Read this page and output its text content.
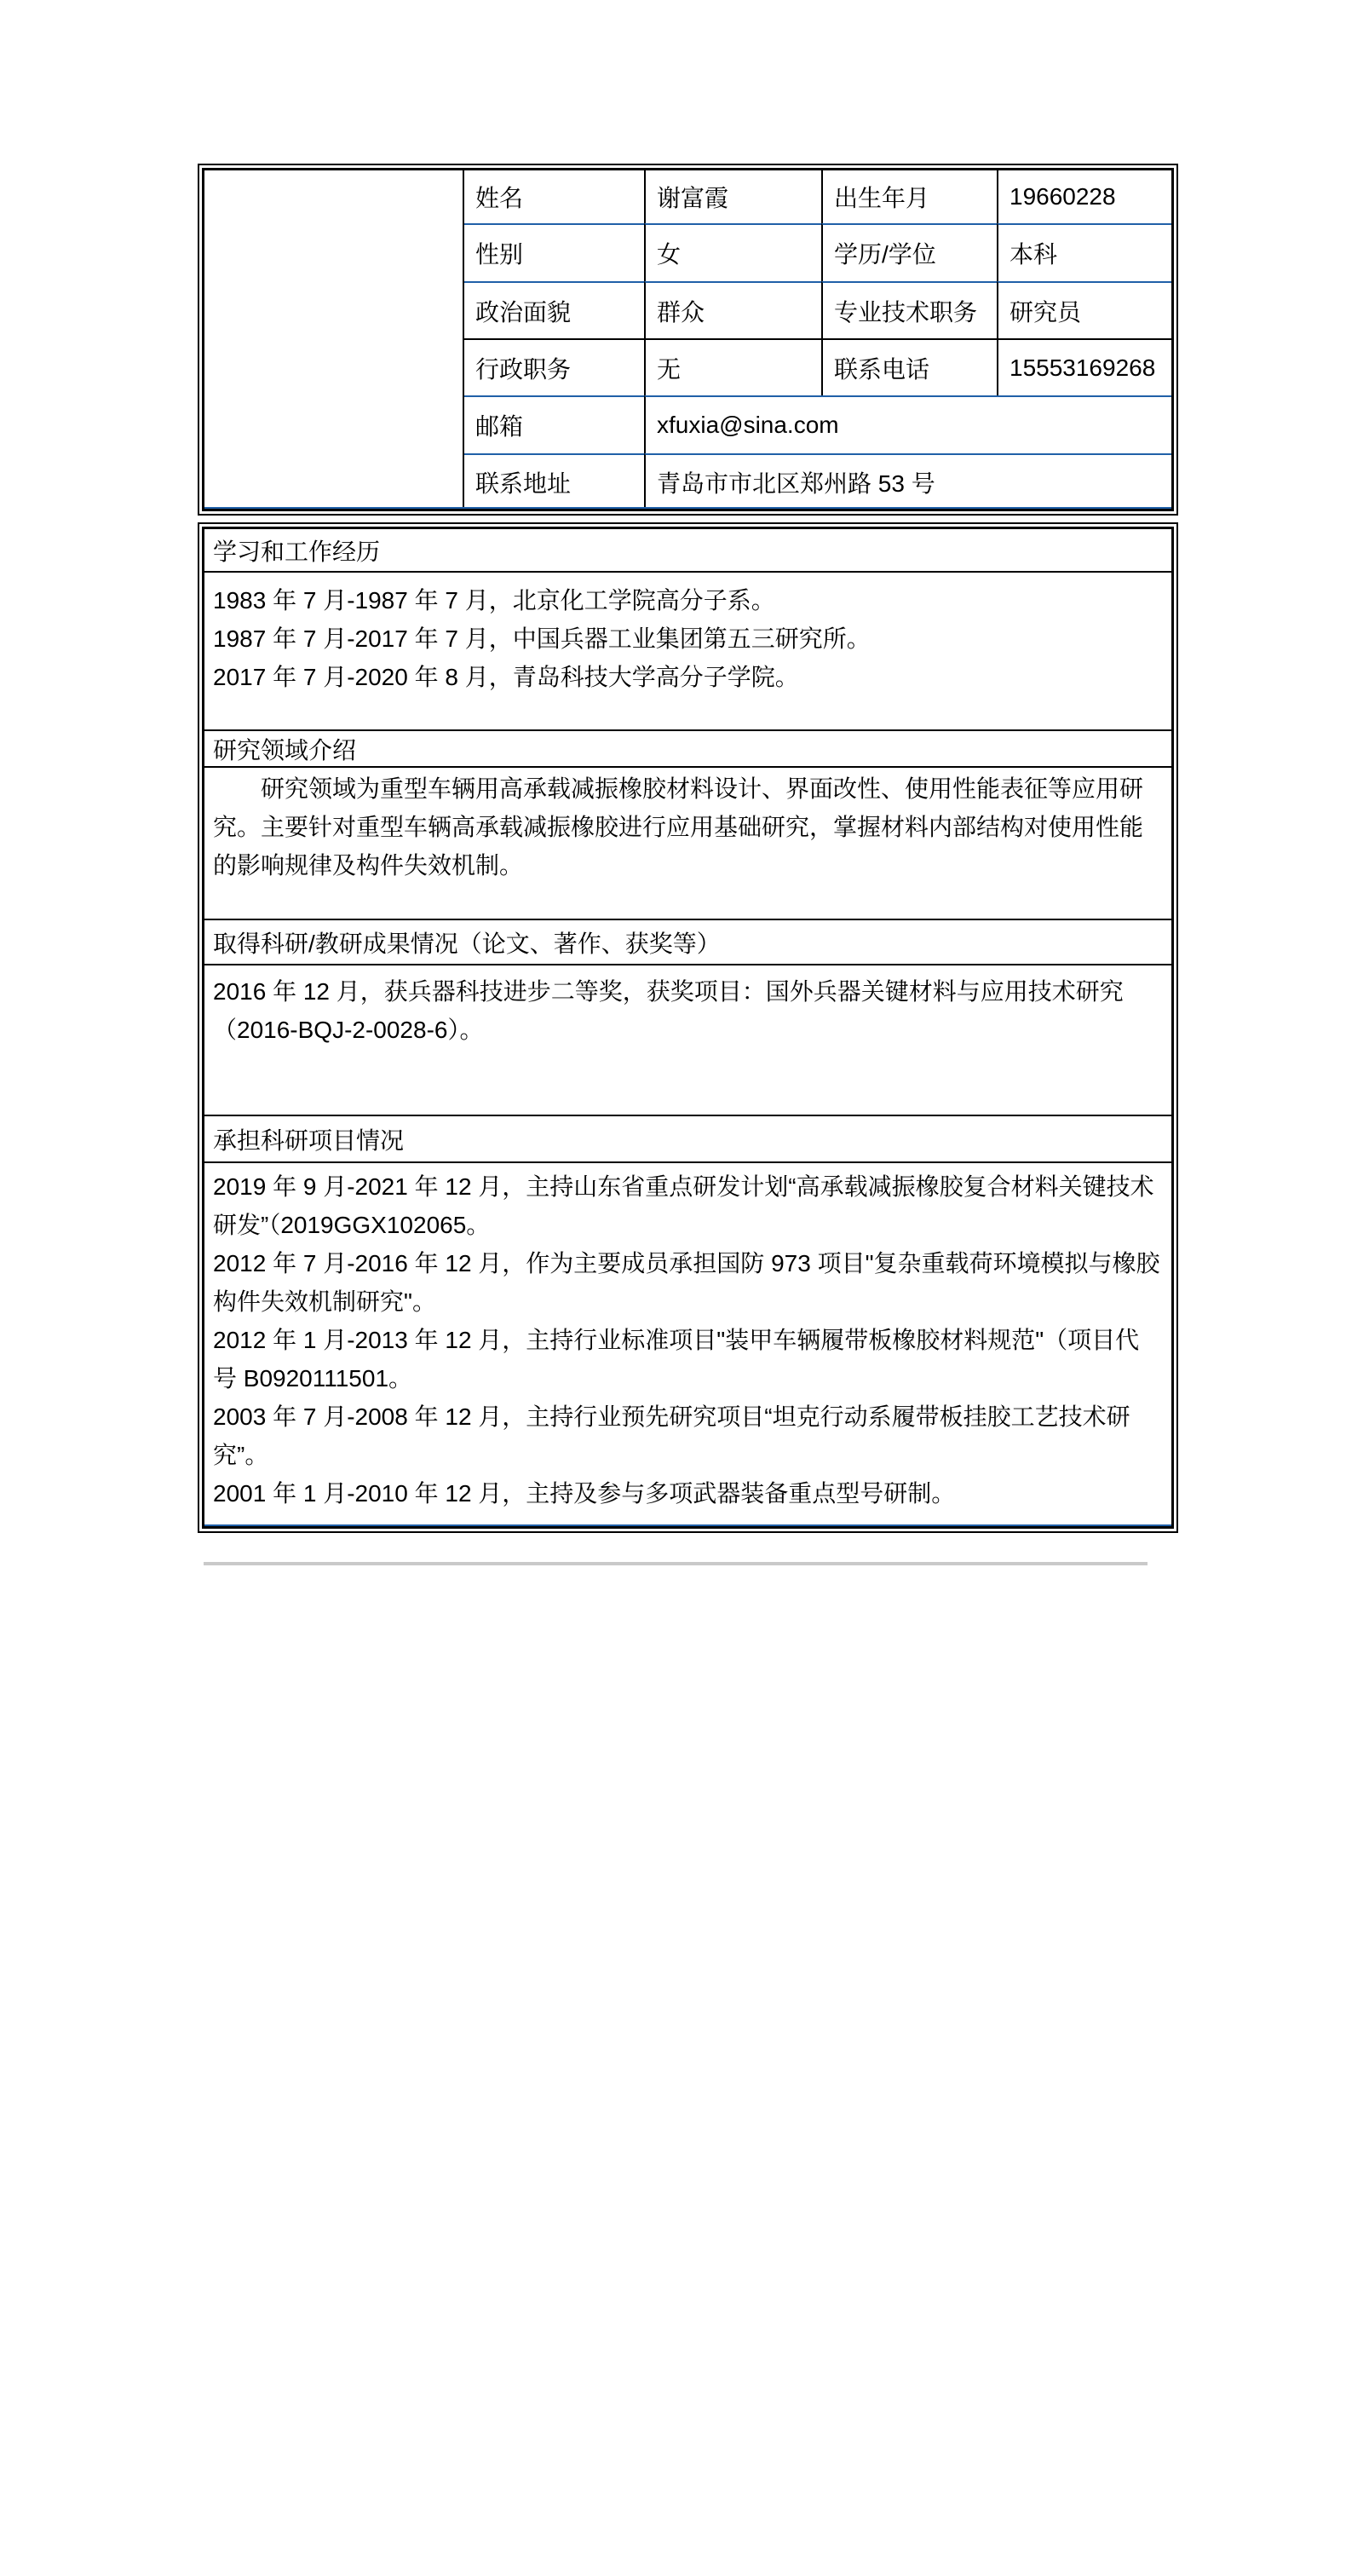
姓名	谢富霞	出生年月	19660228
性别	女	学历/学位	本科
政治面貌	群众	专业技术职务	研究员
行政职务	无	联系电话	15553169268
邮箱	xfuxia@sina.com
联系地址	青岛市市北区郑州路 53 号
学习和工作经历

1983 年 7 月-1987 年 7 月，北京化工学院高分子系。

1987 年 7 月-2017 年 7 月，中国兵器工业集团第五三研究所。

2017 年 7 月-2020 年 8 月，青岛科技大学高分子学院。

研究领域介绍

研究领域为重型车辆用高承载减振橡胶材料设计、界面改性、使用性能表征等应用研究。主要针对重型车辆高承载减振橡胶进行应用基础研究，掌握材料内部结构对使用性能的影响规律及构件失效机制。

取得科研/教研成果情况（论文、著作、获奖等）

2016 年 12 月，获兵器科技进步二等奖，获奖项目：国外兵器关键材料与应用技术研究（2016-BQJ-2-0028-6）。

承担科研项目情况

2019 年 9 月-2021 年 12 月，主持山东省重点研发计划“高承载减振橡胶复合材料关键技术研发”（2019GGX102065。

2012 年 7 月-2016 年 12 月，作为主要成员承担国防 973 项目"复杂重载荷环境模拟与橡胶构件失效机制研究"。

2012 年 1 月-2013 年 12 月，主持行业标准项目"装甲车辆履带板橡胶材料规范"（项目代号 B0920111501。

2003 年 7 月-2008 年 12 月，主持行业预先研究项目“坦克行动系履带板挂胶工艺技术研究”。

2001 年 1 月-2010 年 12 月，主持及参与多项武器装备重点型号研制。
